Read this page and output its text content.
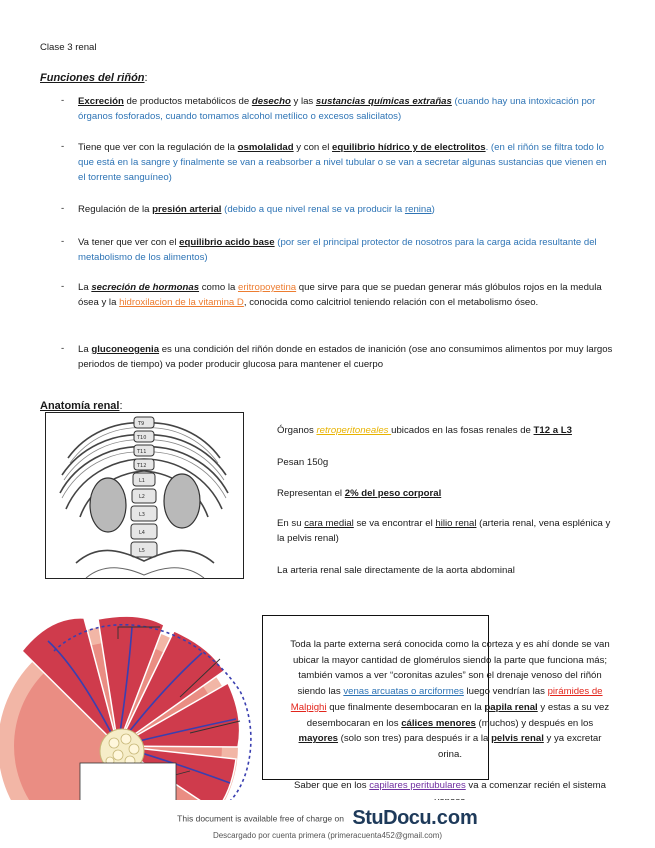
Clase 3 renal
Funciones del riñón:
- Excreción de productos metabólicos de desecho y las sustancias químicas extrañas (cuando hay una intoxicación por órganos fosforados, cuando tomamos alcohol metílico o excesos salicilatos)
- Tiene que ver con la regulación de la osmolalidad y con el equilibrio hídrico y de electrolitos. (en el riñón se filtra todo lo que está en la sangre y finalmente se van a reabsorber a nivel tubular o se van a secretar algunas sustancias que vienen en el torrente sanguíneo)
- Regulación de la presión arterial (debido a que nivel renal se va producir la renina)
- Va tener que ver con el equilibrio acido base (por ser el principal protector de nosotros para la carga acida resultante del metabolismo de los alimentos)
- La secreción de hormonas como la eritropoyetina que sirve para que se puedan generar más glóbulos rojos en la medula ósea y la hidroxilacion de la vitamina D, conocida como calcitriol teniendo relación con el metabolismo óseo.
- La gluconeogenia es una condición del riñón donde en estados de inanición (ose ano consumimos alimentos por muy largos periodos de tiempo) va poder producir glucosa para mantener el cuerpo
Anatomía renal:
T9
T10
T11
T12
L1
L2
L3
L4
L5
Órganos retroperitoneales ubicados en las fosas renales de T12 a L3
Pesan 150g
Representan el 2% del peso corporal
En su cara medial se va encontrar el hilio renal (arteria renal, vena esplénica y la pelvis renal)
La arteria renal sale directamente de la aorta abdominal
Toda la parte externa será conocida como la corteza y es ahí donde se van ubicar la mayor cantidad de glomérulos siendo la parte que funciona más; también vamos a ver “coronitas azules” son el drenaje venoso del riñón siendo las venas arcuatas o arciformes luego vendrían las pirámides de Malpighi que finalmente desembocaran en la papila renal y estas a su vez desembocaran en los cálices menores (muchos) y después en los mayores (solo son tres) para después ir a la pelvis renal y ya excretar orina.
Saber que en los capilares peritubulares va a comenzar recién el sistema
This document is available free of charge on StuDocu.com
Descargado por cuenta primera (primeracuenta452@gmail.com)
